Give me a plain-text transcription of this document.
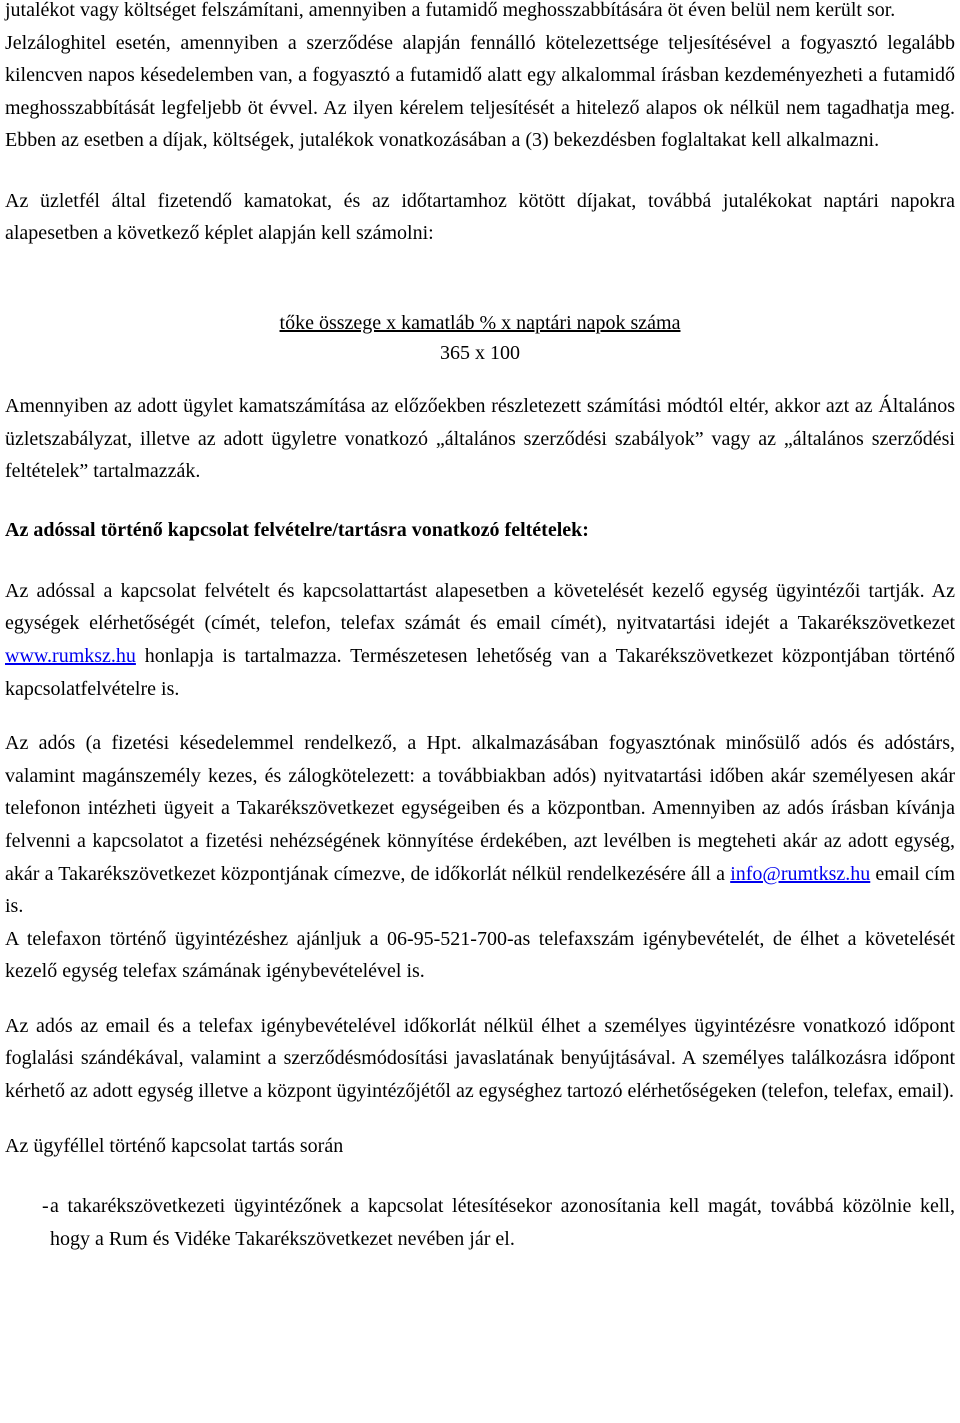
jutalékot vagy költséget felszámítani, amennyiben a futamidő meghosszabbítására öt éven belül nem került sor.

Jelzáloghitel esetén, amennyiben a szerződése alapján fennálló kötelezettsége teljesítésével a fogyasztó legalább kilencven napos késedelemben van, a fogyasztó a futamidő alatt egy alkalommal írásban kezdeményezheti a futamidő meghosszabbítását legfeljebb öt évvel. Az ilyen kérelem teljesítését a hitelező alapos ok nélkül nem tagadhatja meg. Ebben az esetben a díjak, költségek, jutalékok vonatkozásában a (3) bekezdésben foglaltakat kell alkalmazni.

Az üzletfél által fizetendő kamatokat, és az időtartamhoz kötött díjakat, továbbá jutalékokat naptári napokra alapesetben a következő képlet alapján kell számolni:

tőke összege x kamatláb % x naptári napok száma
365 x 100

Amennyiben az adott ügylet kamatszámítása az előzőekben részletezett számítási módtól eltér, akkor azt az Általános üzletszabályzat, illetve az adott ügyletre vonatkozó „általános szerződési szabályok” vagy az „általános szerződési feltételek” tartalmazzák.

Az adóssal történő kapcsolat felvételre/tartásra vonatkozó feltételek:

Az adóssal a kapcsolat felvételt és kapcsolattartást alapesetben a követelését kezelő egység ügyintézői tartják. Az egységek elérhetőségét (címét, telefon, telefax számát és email címét), nyitvatartási idejét a Takarékszövetkezet www.rumksz.hu honlapja is tartalmazza. Természetesen lehetőség van a Takarékszövetkezet központjában történő kapcsolatfelvételre is.

Az adós (a fizetési késedelemmel rendelkező, a Hpt. alkalmazásában fogyasztónak minősülő adós és adóstárs, valamint magánszemély kezes, és zálogkötelezett: a továbbiakban adós) nyitvatartási időben akár személyesen akár telefonon intézheti ügyeit a Takarékszövetkezet egységeiben és a központban. Amennyiben az adós írásban kívánja felvenni a kapcsolatot a fizetési nehézségének könnyítése érdekében, azt levélben is megteheti akár az adott egység, akár a Takarékszövetkezet központjának címezve, de időkorlát nélkül rendelkezésére áll a info@rumtksz.hu email cím is.

A telefaxon történő ügyintézéshez ajánljuk a 06-95-521-700-as telefaxszám igénybevételét, de élhet a követelését kezelő egység telefax számának igénybevételével is.

Az adós az email és a telefax igénybevételével időkorlát nélkül élhet a személyes ügyintézésre vonatkozó időpont foglalási szándékával, valamint a szerződésmódosítási javaslatának benyújtásával. A személyes találkozásra időpont kérhető az adott egység illetve a központ ügyintézőjétől az egységhez tartozó elérhetőségeken (telefon, telefax, email).

Az ügyféllel történő kapcsolat tartás során

- a takarékszövetkezeti ügyintézőnek a kapcsolat létesítésekor azonosítania kell magát, továbbá közölnie kell, hogy a Rum és Vidéke Takarékszövetkezet nevében jár el.
